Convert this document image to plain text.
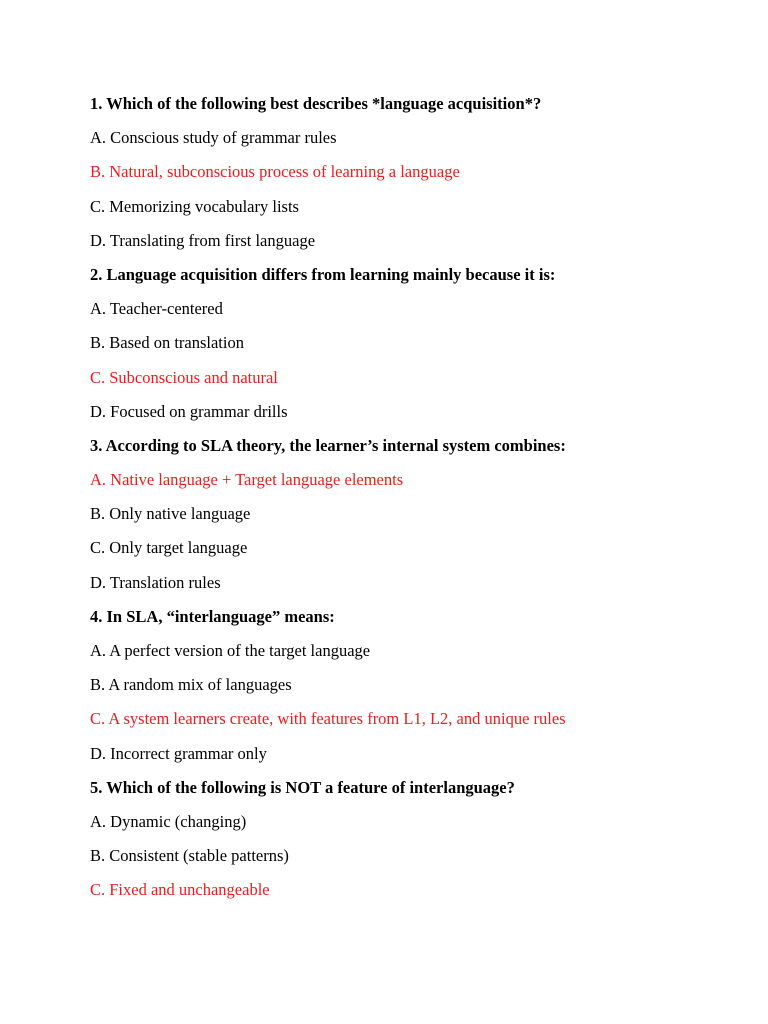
1. Which of the following best describes *language acquisition*?
A. Conscious study of grammar rules
B. Natural, subconscious process of learning a language
C. Memorizing vocabulary lists
D. Translating from first language
2. Language acquisition differs from learning mainly because it is:
A. Teacher-centered
B. Based on translation
C. Subconscious and natural
D. Focused on grammar drills
3. According to SLA theory, the learner’s internal system combines:
A. Native language + Target language elements
B. Only native language
C. Only target language
D. Translation rules
4. In SLA, “interlanguage” means:
A. A perfect version of the target language
B. A random mix of languages
C. A system learners create, with features from L1, L2, and unique rules
D. Incorrect grammar only
5. Which of the following is NOT a feature of interlanguage?
A. Dynamic (changing)
B. Consistent (stable patterns)
C. Fixed and unchangeable
